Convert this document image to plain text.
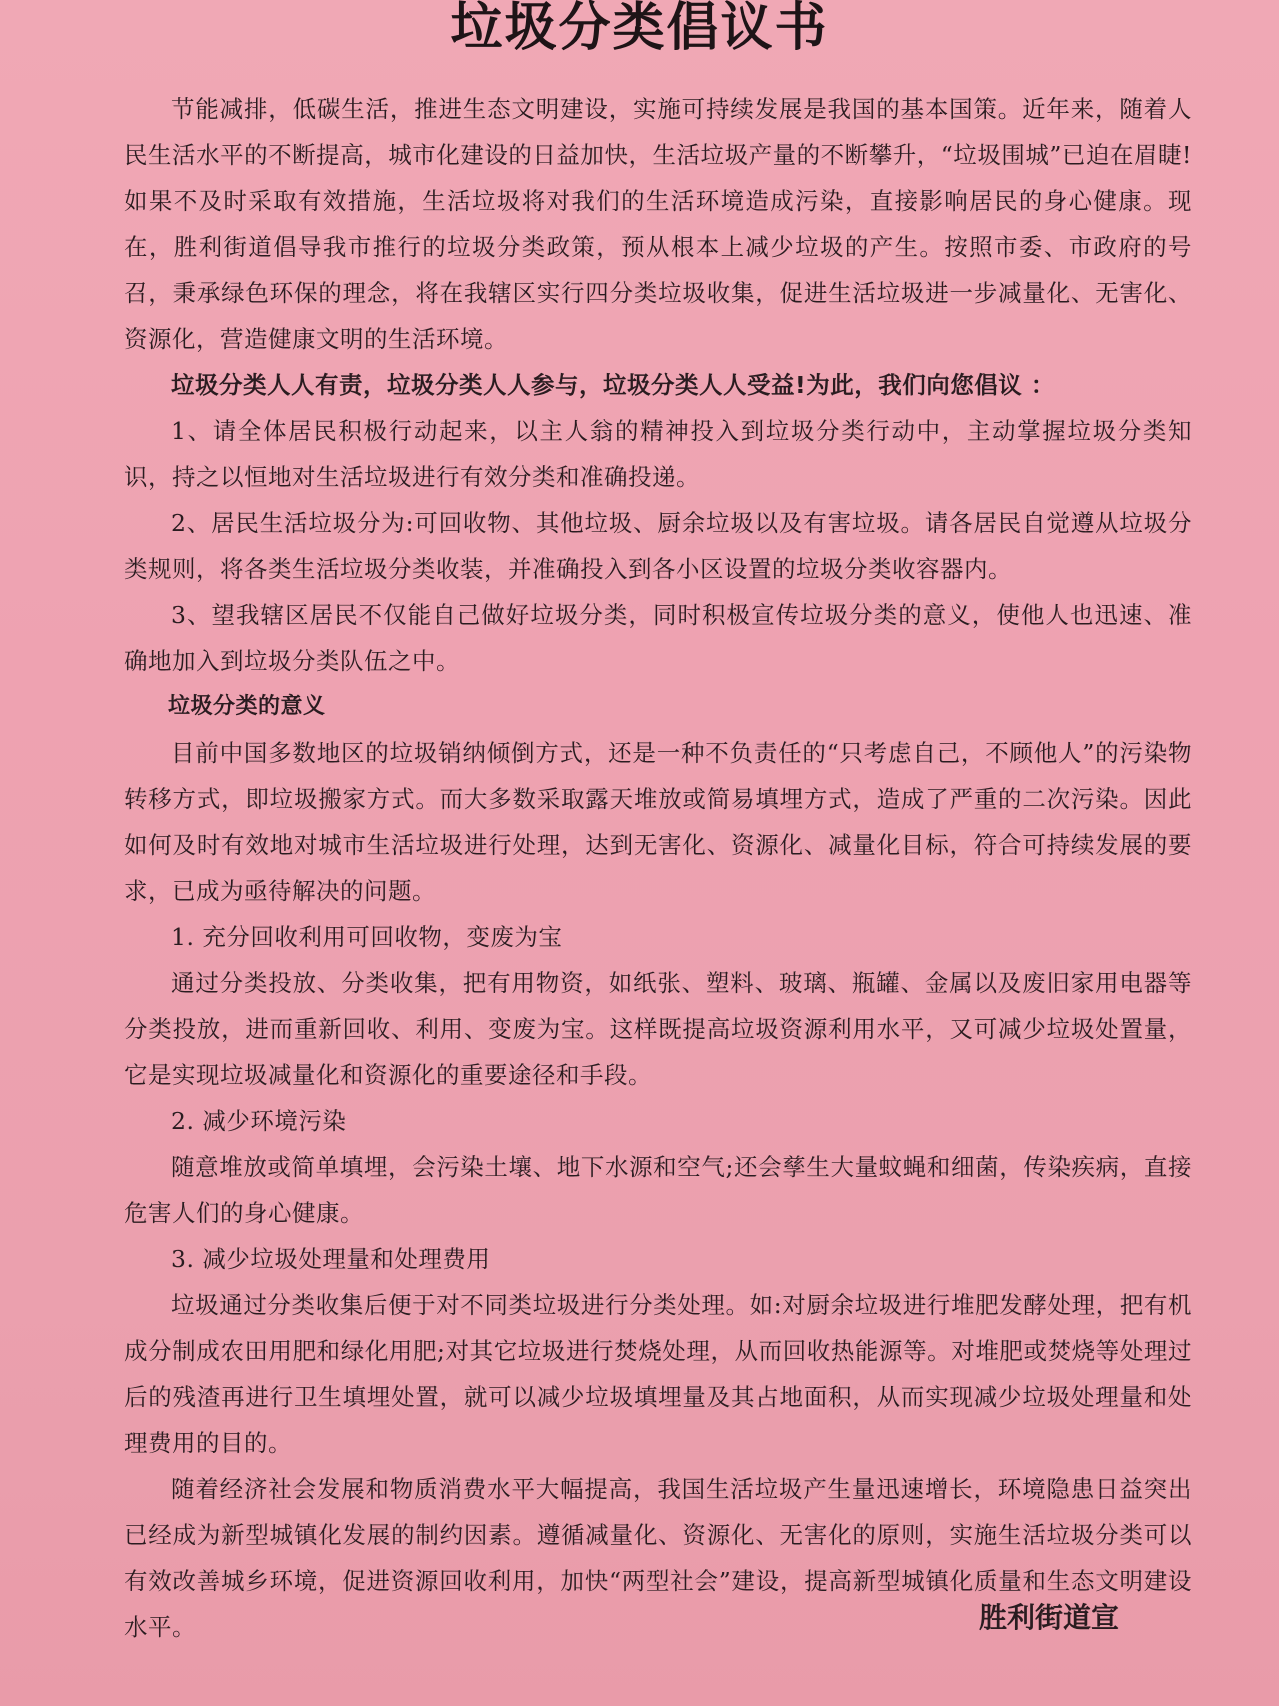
垃圾分类倡议书

节能减排，低碳生活，推进生态文明建设，实施可持续发展是我国的基本国策。近年来，随着人民生活水平的不断提高，城市化建设的日益加快，生活垃圾产量的不断攀升，“垃圾围城”已迫在眉睫!如果不及时采取有效措施，生活垃圾将对我们的生活环境造成污染，直接影响居民的身心健康。现在，胜利街道倡导我市推行的垃圾分类政策，预从根本上减少垃圾的产生。按照市委、市政府的号召，秉承绿色环保的理念，将在我辖区实行四分类垃圾收集，促进生活垃圾进一步减量化、无害化、资源化，营造健康文明的生活环境。

垃圾分类人人有责，垃圾分类人人参与，垃圾分类人人受益!为此，我们向您倡议 ：

1、请全体居民积极行动起来，以主人翁的精神投入到垃圾分类行动中，主动掌握垃圾分类知识，持之以恒地对生活垃圾进行有效分类和准确投递。

2、居民生活垃圾分为:可回收物、其他垃圾、厨余垃圾以及有害垃圾。请各居民自觉遵从垃圾分类规则，将各类生活垃圾分类收装，并准确投入到各小区设置的垃圾分类收容器内。

3、望我辖区居民不仅能自己做好垃圾分类，同时积极宣传垃圾分类的意义，使他人也迅速、准确地加入到垃圾分类队伍之中。

垃圾分类的意义

目前中国多数地区的垃圾销纳倾倒方式，还是一种不负责任的“只考虑自己，不顾他人”的污染物转移方式，即垃圾搬家方式。而大多数采取露天堆放或简易填埋方式，造成了严重的二次污染。因此如何及时有效地对城市生活垃圾进行处理，达到无害化、资源化、减量化目标，符合可持续发展的要求，已成为亟待解决的问题。

1. 充分回收利用可回收物，变废为宝

通过分类投放、分类收集，把有用物资，如纸张、塑料、玻璃、瓶罐、金属以及废旧家用电器等分类投放，进而重新回收、利用、变废为宝。这样既提高垃圾资源利用水平，又可减少垃圾处置量，它是实现垃圾减量化和资源化的重要途径和手段。

2. 减少环境污染

随意堆放或简单填埋，会污染土壤、地下水源和空气;还会孳生大量蚊蝇和细菌，传染疾病，直接危害人们的身心健康。

3. 减少垃圾处理量和处理费用

垃圾通过分类收集后便于对不同类垃圾进行分类处理。如:对厨余垃圾进行堆肥发酵处理，把有机成分制成农田用肥和绿化用肥;对其它垃圾进行焚烧处理，从而回收热能源等。对堆肥或焚烧等处理过后的残渣再进行卫生填埋处置，就可以减少垃圾填埋量及其占地面积，从而实现减少垃圾处理量和处理费用的目的。

随着经济社会发展和物质消费水平大幅提高，我国生活垃圾产生量迅速增长，环境隐患日益突出已经成为新型城镇化发展的制约因素。遵循减量化、资源化、无害化的原则，实施生活垃圾分类可以有效改善城乡环境，促进资源回收利用，加快“两型社会”建设，提高新型城镇化质量和生态文明建设水平。	胜利街道宣
